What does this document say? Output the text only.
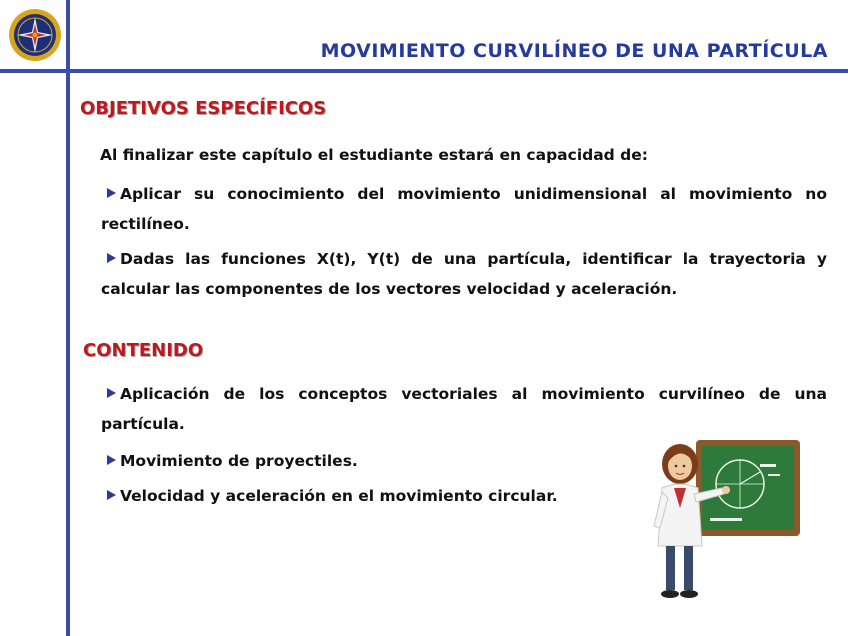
MOVIMIENTO CURVILÍNEO DE UNA PARTÍCULA
OBJETIVOS ESPECÍFICOS
Al finalizar este capítulo el estudiante estará en capacidad de:
Aplicar su conocimiento del movimiento unidimensional al movimiento no rectilíneo.
Dadas las funciones X(t), Y(t) de una partícula, identificar la trayectoria y calcular las componentes de los vectores velocidad y aceleración.
CONTENIDO
Aplicación de los conceptos vectoriales al movimiento curvilíneo de una partícula.
Movimiento de proyectiles.
Velocidad y aceleración en el movimiento circular.
